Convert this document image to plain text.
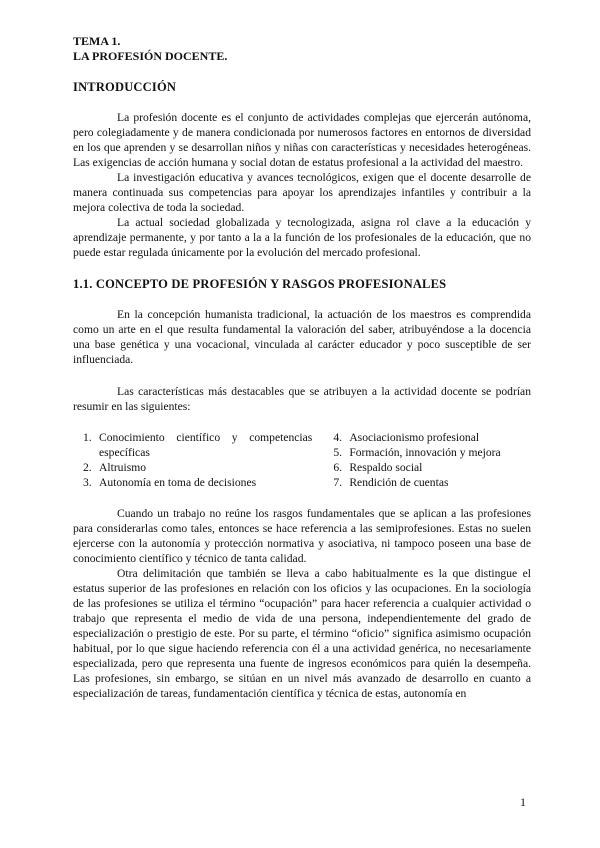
TEMA 1.

LA PROFESIÓN DOCENTE.

INTRODUCCIÓN

La profesión docente es el conjunto de actividades complejas que ejercerán autónoma, pero colegiadamente y de manera condicionada por numerosos factores en entornos de diversidad en los que aprenden y se desarrollan niños y niñas con características y necesidades heterogéneas. Las exigencias de acción humana y social dotan de estatus profesional a la actividad del maestro.

La investigación educativa y avances tecnológicos, exigen que el docente desarrolle de manera continuada sus competencias para apoyar los aprendizajes infantiles y contribuir a la mejora colectiva de toda la sociedad.

La actual sociedad globalizada y tecnologizada, asigna rol clave a la educación y aprendizaje permanente, y por tanto a la a la función de los profesionales de la educación, que no puede estar regulada únicamente por la evolución del mercado profesional.

1.1. CONCEPTO DE PROFESIÓN Y RASGOS PROFESIONALES

En la concepción humanista tradicional, la actuación de los maestros es comprendida como un arte en el que resulta fundamental la valoración del saber, atribuyéndose a la docencia una base genética y una vocacional, vinculada al carácter educador y poco susceptible de ser influenciada.

Las características más destacables que se atribuyen a la actividad docente se podrían resumir en las siguientes:

1. Conocimiento científico y competencias específicas
2. Altruismo
3. Autonomía en toma de decisiones
4. Asociacionismo profesional
5. Formación, innovación y mejora
6. Respaldo social
7. Rendición de cuentas

Cuando un trabajo no reúne los rasgos fundamentales que se aplican a las profesiones para considerarlas como tales, entonces se hace referencia a las semiprofesiones. Estas no suelen ejercerse con la autonomía y protección normativa y asociativa, ni tampoco poseen una base de conocimiento científico y técnico de tanta calidad.

Otra delimitación que también se lleva a cabo habitualmente es la que distingue el estatus superior de las profesiones en relación con los oficios y las ocupaciones. En la sociología de las profesiones se utiliza el término “ocupación” para hacer referencia a cualquier actividad o trabajo que representa el medio de vida de una persona, independientemente del grado de especialización o prestigio de este. Por su parte, el término “oficio” significa asimismo ocupación habitual, por lo que sigue haciendo referencia con él a una actividad genérica, no necesariamente especializada, pero que representa una fuente de ingresos económicos para quién la desempeña. Las profesiones, sin embargo, se sitúan en un nivel más avanzado de desarrollo en cuanto a especialización de tareas, fundamentación científica y técnica de estas, autonomía en

1
